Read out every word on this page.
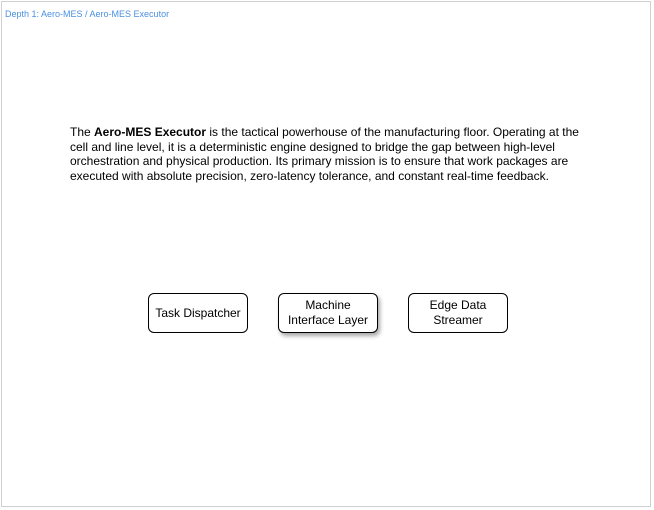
Depth 1: Aero-MES / Aero-MES Executor
The Aero-MES Executor is the tactical powerhouse of the manufacturing floor. Operating at the cell and line level, it is a deterministic engine designed to bridge the gap between high-level orchestration and physical production. Its primary mission is to ensure that work packages are executed with absolute precision, zero-latency tolerance, and constant real-time feedback.
Task Dispatcher
Machine Interface Layer
Edge Data Streamer
